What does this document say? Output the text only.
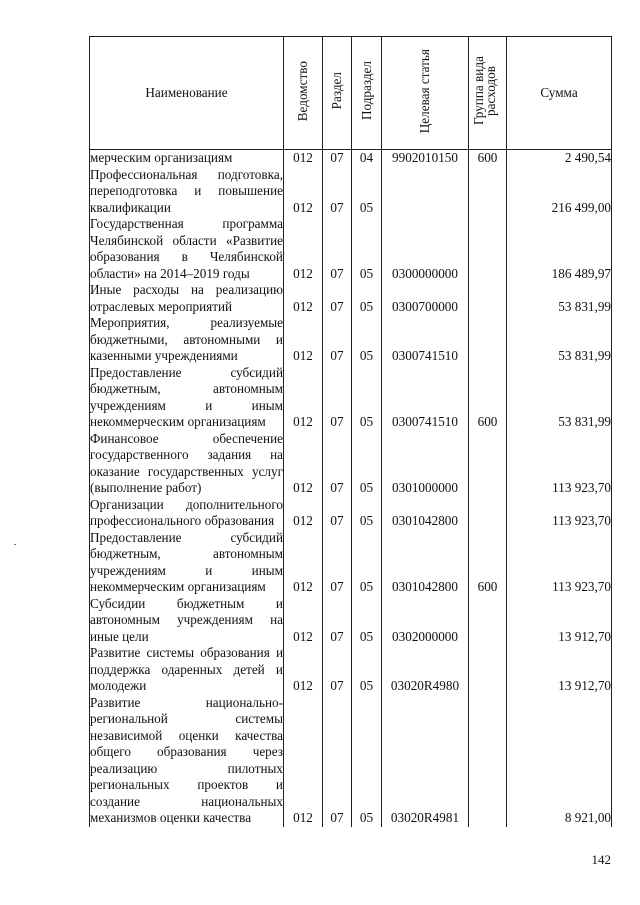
Наименование	Ведомство	Раздел	Подраздел	Целевая статья	Группа вида расходов	Сумма
мерческим организациям	012	07	04	9902010150	600	2 490,54
Профессиональная подготовка, переподготовка и повышение квалификации	012	07	05			216 499,00
Государственная программа Челябинской области «Развитие образования в Челябинской области» на 2014–2019 годы	012	07	05	0300000000		186 489,97
Иные расходы на реализацию отраслевых мероприятий	012	07	05	0300700000		53 831,99
Мероприятия, реализуемые бюджетными, автономными и казенными учреждениями	012	07	05	0300741510		53 831,99
Предоставление субсидий бюджетным, автономным учреждениям и иным некоммерческим организациям	012	07	05	0300741510	600	53 831,99
Финансовое обеспечение государственного задания на оказание государственных услуг (выполнение работ)	012	07	05	0301000000		113 923,70
Организации дополнительного профессионального образования	012	07	05	0301042800		113 923,70
Предоставление субсидий бюджетным, автономным учреждениям и иным некоммерческим организациям	012	07	05	0301042800	600	113 923,70
Субсидии бюджетным и автономным учреждениям на иные цели	012	07	05	0302000000		13 912,70
Развитие системы образования и поддержка одаренных детей и молодежи	012	07	05	03020R4980		13 912,70
Развитие национально-региональной системы независимой оценки качества общего образования через реализацию пилотных региональных проектов и создание национальных механизмов оценки качества	012	07	05	03020R4981		8 921,00
142
